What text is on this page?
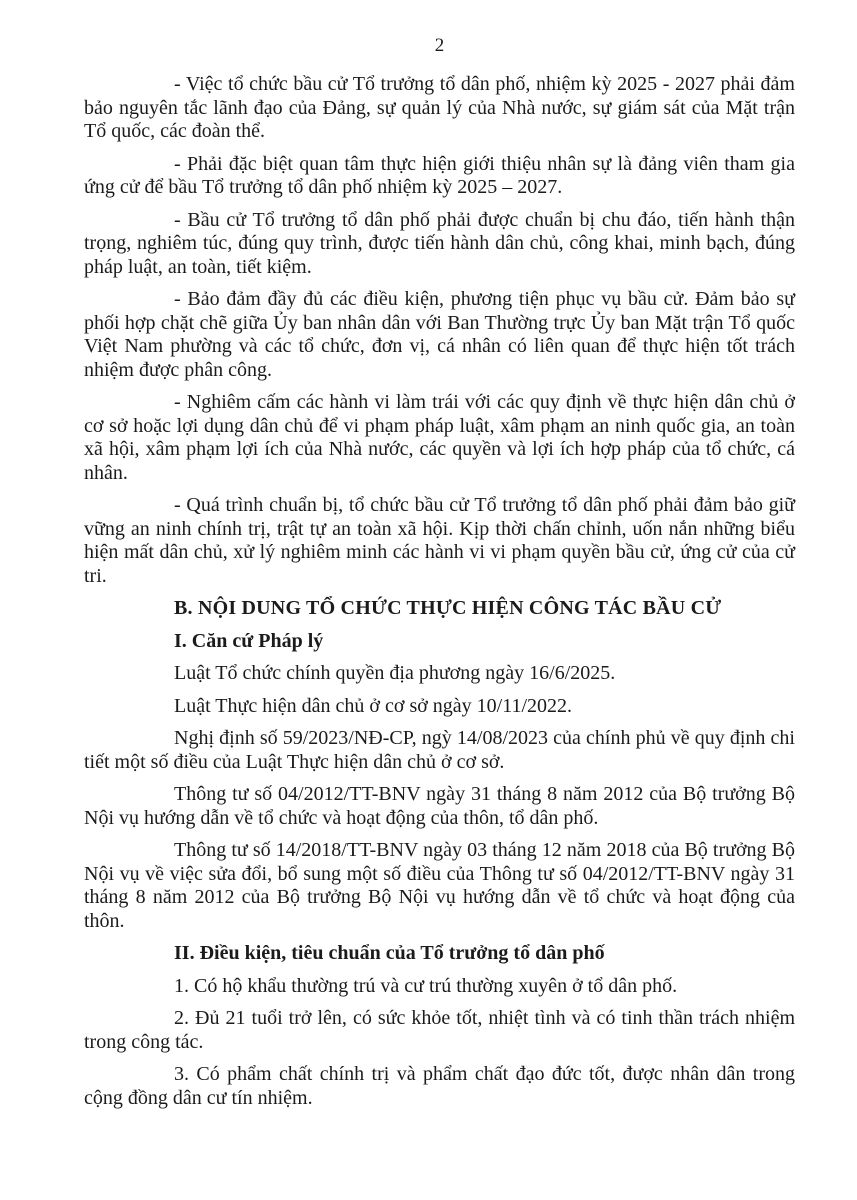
2

- Việc tổ chức bầu cử Tổ trưởng tổ dân phố, nhiệm kỳ 2025 - 2027 phải đảm bảo nguyên tắc lãnh đạo của Đảng, sự quản lý của Nhà nước, sự giám sát của Mặt trận Tổ quốc, các đoàn thể.

- Phải đặc biệt quan tâm thực hiện giới thiệu nhân sự là đảng viên tham gia ứng cử để bầu Tổ trưởng tổ dân phố nhiệm kỳ 2025 – 2027.

- Bầu cử Tổ trưởng tổ dân phố phải được chuẩn bị chu đáo, tiến hành thận trọng, nghiêm túc, đúng quy trình, được tiến hành dân chủ, công khai, minh bạch, đúng pháp luật, an toàn, tiết kiệm.

- Bảo đảm đầy đủ các điều kiện, phương tiện phục vụ bầu cử. Đảm bảo sự phối hợp chặt chẽ giữa Ủy ban nhân dân với Ban Thường trực Ủy ban Mặt trận Tổ quốc Việt Nam phường và các tổ chức, đơn vị, cá nhân có liên quan để thực hiện tốt trách nhiệm được phân công.

- Nghiêm cấm các hành vi làm trái với các quy định về thực hiện dân chủ ở cơ sở hoặc lợi dụng dân chủ để vi phạm pháp luật, xâm phạm an ninh quốc gia, an toàn xã hội, xâm phạm lợi ích của Nhà nước, các quyền và lợi ích hợp pháp của tổ chức, cá nhân.

- Quá trình chuẩn bị, tổ chức bầu cử Tổ trưởng tổ dân phố phải đảm bảo giữ vững an ninh chính trị, trật tự an toàn xã hội. Kịp thời chấn chỉnh, uốn nắn những biểu hiện mất dân chủ, xử lý nghiêm minh các hành vi vi phạm quyền bầu cử, ứng cử của cử tri.

B. NỘI DUNG TỔ CHỨC THỰC HIỆN CÔNG TÁC BẦU CỬ

I. Căn cứ Pháp lý

Luật Tổ chức chính quyền địa phương ngày 16/6/2025.

Luật Thực hiện dân chủ ở cơ sở ngày 10/11/2022.

Nghị định số 59/2023/NĐ-CP, ngỳ 14/08/2023 của chính phủ về quy định chi tiết một số điều của Luật Thực hiện dân chủ ở cơ sở.

Thông tư số 04/2012/TT-BNV ngày 31 tháng 8 năm 2012 của Bộ trưởng Bộ Nội vụ hướng dẫn về tổ chức và hoạt động của thôn, tổ dân phố.

Thông tư số 14/2018/TT-BNV ngày 03 tháng 12 năm 2018 của Bộ trưởng Bộ Nội vụ về việc sửa đổi, bổ sung một số điều của Thông tư số 04/2012/TT-BNV ngày 31 tháng 8 năm 2012 của Bộ trưởng Bộ Nội vụ hướng dẫn về tổ chức và hoạt động của thôn.

II. Điều kiện, tiêu chuẩn của Tổ trưởng tổ dân phố

1. Có hộ khẩu thường trú và cư trú thường xuyên ở tổ dân phố.

2. Đủ 21 tuổi trở lên, có sức khỏe tốt, nhiệt tình và có tinh thần trách nhiệm trong công tác.

3. Có phẩm chất chính trị và phẩm chất đạo đức tốt, được nhân dân trong cộng đồng dân cư tín nhiệm.
